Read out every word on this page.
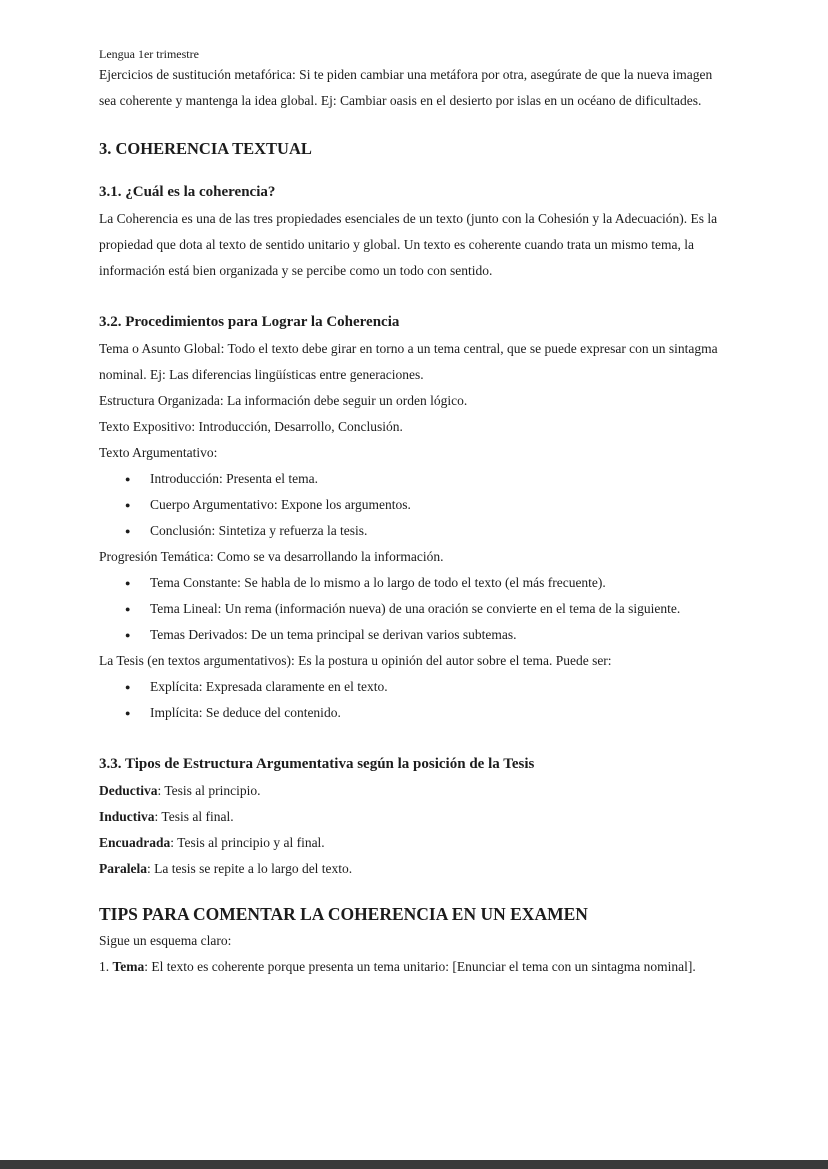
Lengua 1er trimestre

Ejercicios de sustitución metafórica: Si te piden cambiar una metáfora por otra, asegúrate de que la nueva imagen sea coherente y mantenga la idea global. Ej: Cambiar oasis en el desierto por islas en un océano de dificultades.

3. COHERENCIA TEXTUAL
3.1. ¿Cuál es la coherencia?

La Coherencia es una de las tres propiedades esenciales de un texto (junto con la Cohesión y la Adecuación). Es la propiedad que dota al texto de sentido unitario y global. Un texto es coherente cuando trata un mismo tema, la información está bien organizada y se percibe como un todo con sentido.

3.2. Procedimientos para Lograr la Coherencia

Tema o Asunto Global: Todo el texto debe girar en torno a un tema central, que se puede expresar con un sintagma nominal. Ej: Las diferencias lingüísticas entre generaciones.

Estructura Organizada: La información debe seguir un orden lógico.

Texto Expositivo: Introducción, Desarrollo, Conclusión.

Texto Argumentativo:

● Introducción: Presenta el tema.
● Cuerpo Argumentativo: Expone los argumentos.
● Conclusión: Sintetiza y refuerza la tesis.

Progresión Temática: Como se va desarrollando la información.

● Tema Constante: Se habla de lo mismo a lo largo de todo el texto (el más frecuente).
● Tema Lineal: Un rema (información nueva) de una oración se convierte en el tema de la siguiente.
● Temas Derivados: De un tema principal se derivan varios subtemas.

La Tesis (en textos argumentativos): Es la postura u opinión del autor sobre el tema. Puede ser:

● Explícita: Expresada claramente en el texto.
● Implícita: Se deduce del contenido.
3.3. Tipos de Estructura Argumentativa según la posición de la Tesis

Deductiva: Tesis al principio.

Inductiva: Tesis al final.

Encuadrada: Tesis al principio y al final.

Paralela: La tesis se repite a lo largo del texto.

TIPS PARA COMENTAR LA COHERENCIA EN UN EXAMEN

Sigue un esquema claro:

1. Tema: El texto es coherente porque presenta un tema unitario: [Enunciar el tema con un sintagma nominal].
